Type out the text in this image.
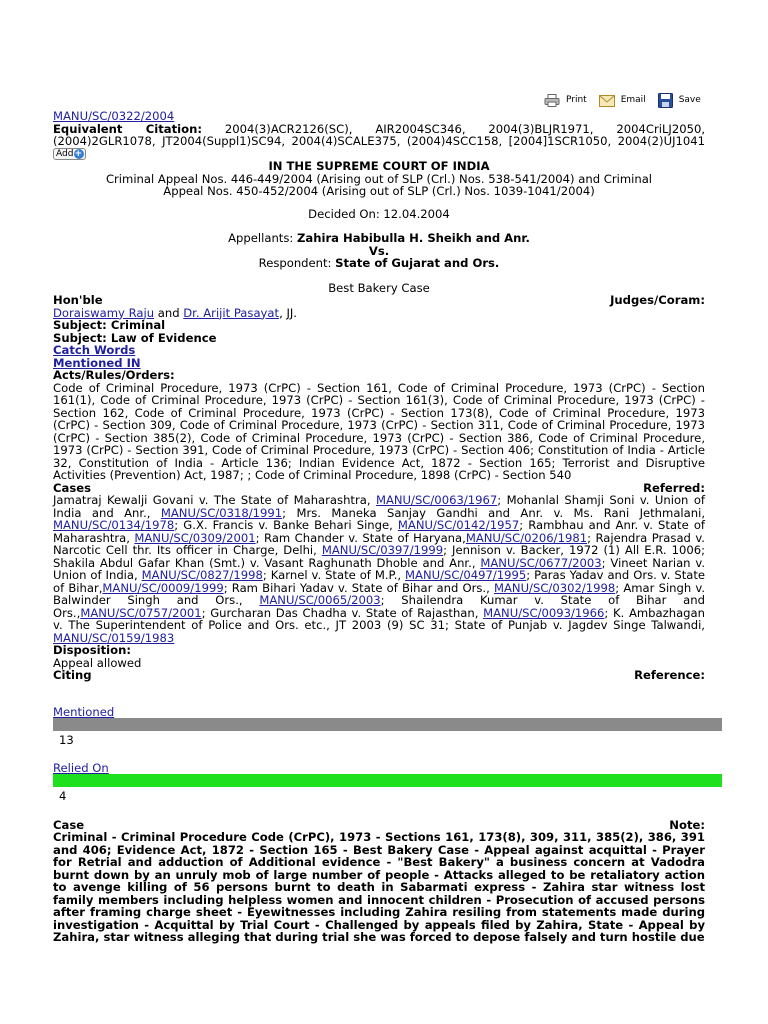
Print	Email	Save
MANU/SC/0322/2004
Equivalent Citation: 2004(3)ACR2126(SC), AIR2004SC346, 2004(3)BLJR1971, 2004CriLJ2050, (2004)2GLR1078, JT2004(Suppl1)SC94, 2004(4)SCALE375, (2004)4SCC158, [2004]1SCR1050, 2004(2)UJ1041
Add +
IN THE SUPREME COURT OF INDIA
Criminal Appeal Nos. 446-449/2004 (Arising out of SLP (Crl.) Nos. 538-541/2004) and Criminal
Appeal Nos. 450-452/2004 (Arising out of SLP (Crl.) Nos. 1039-1041/2004)
Decided On: 12.04.2004
Appellants: Zahira Habibulla H. Sheikh and Anr.
Vs.
Respondent: State of Gujarat and Ors.
Best Bakery Case
Hon'ble	Judges/Coram:
Doraiswamy Raju and Dr. Arijit Pasayat, JJ.
Subject: Criminal
Subject: Law of Evidence
Catch Words
Mentioned IN
Acts/Rules/Orders:
Code of Criminal Procedure, 1973 (CrPC) - Section 161, Code of Criminal Procedure, 1973 (CrPC) - Section 161(1), Code of Criminal Procedure, 1973 (CrPC) - Section 161(3), Code of Criminal Procedure, 1973 (CrPC) - Section 162, Code of Criminal Procedure, 1973 (CrPC) - Section 173(8), Code of Criminal Procedure, 1973 (CrPC) - Section 309, Code of Criminal Procedure, 1973 (CrPC) - Section 311, Code of Criminal Procedure, 1973 (CrPC) - Section 385(2), Code of Criminal Procedure, 1973 (CrPC) - Section 386, Code of Criminal Procedure, 1973 (CrPC) - Section 391, Code of Criminal Procedure, 1973 (CrPC) - Section 406; Constitution of India - Article 32, Constitution of India - Article 136; Indian Evidence Act, 1872 - Section 165; Terrorist and Disruptive Activities (Prevention) Act, 1987; ; Code of Criminal Procedure, 1898 (CrPC) - Section 540
Cases	Referred:
Jamatraj Kewalji Govani v. The State of Maharashtra, MANU/SC/0063/1967; Mohanlal Shamji Soni v. Union of India and Anr., MANU/SC/0318/1991; Mrs. Maneka Sanjay Gandhi and Anr. v. Ms. Rani Jethmalani, MANU/SC/0134/1978; G.X. Francis v. Banke Behari Singe, MANU/SC/0142/1957; Rambhau and Anr. v. State of Maharashtra, MANU/SC/0309/2001; Ram Chander v. State of Haryana,MANU/SC/0206/1981; Rajendra Prasad v. Narcotic Cell thr. Its officer in Charge, Delhi, MANU/SC/0397/1999; Jennison v. Backer, 1972 (1) All E.R. 1006; Shakila Abdul Gafar Khan (Smt.) v. Vasant Raghunath Dhoble and Anr., MANU/SC/0677/2003; Vineet Narian v. Union of India, MANU/SC/0827/1998; Karnel v. State of M.P., MANU/SC/0497/1995; Paras Yadav and Ors. v. State of Bihar,MANU/SC/0009/1999; Ram Bihari Yadav v. State of Bihar and Ors., MANU/SC/0302/1998; Amar Singh v. Balwinder Singh and Ors., MANU/SC/0065/2003; Shailendra Kumar v. State of Bihar and Ors.,MANU/SC/0757/2001; Gurcharan Das Chadha v. State of Rajasthan, MANU/SC/0093/1966; K. Ambazhagan v. The Superintendent of Police and Ors. etc., JT 2003 (9) SC 31; State of Punjab v. Jagdev Singe Talwandi, MANU/SC/0159/1983
Disposition:
Appeal allowed
Citing	Reference:
Mentioned
13
Relied On
4
Case	Note:
Criminal - Criminal Procedure Code (CrPC), 1973 - Sections 161, 173(8), 309, 311, 385(2), 386, 391 and 406; Evidence Act, 1872 - Section 165 - Best Bakery Case - Appeal against acquittal - Prayer for Retrial and adduction of Additional evidence - "Best Bakery" a business concern at Vadodra burnt down by an unruly mob of large number of people - Attacks alleged to be retaliatory action to avenge killing of 56 persons burnt to death in Sabarmati express - Zahira star witness lost family members including helpless women and innocent children - Prosecution of accused persons after framing charge sheet - Eyewitnesses including Zahira resiling from statements made during investigation - Acquittal by Trial Court - Challenged by appeals filed by Zahira, State - Appeal by Zahira, star witness alleging that during trial she was forced to depose falsely and turn hostile due
